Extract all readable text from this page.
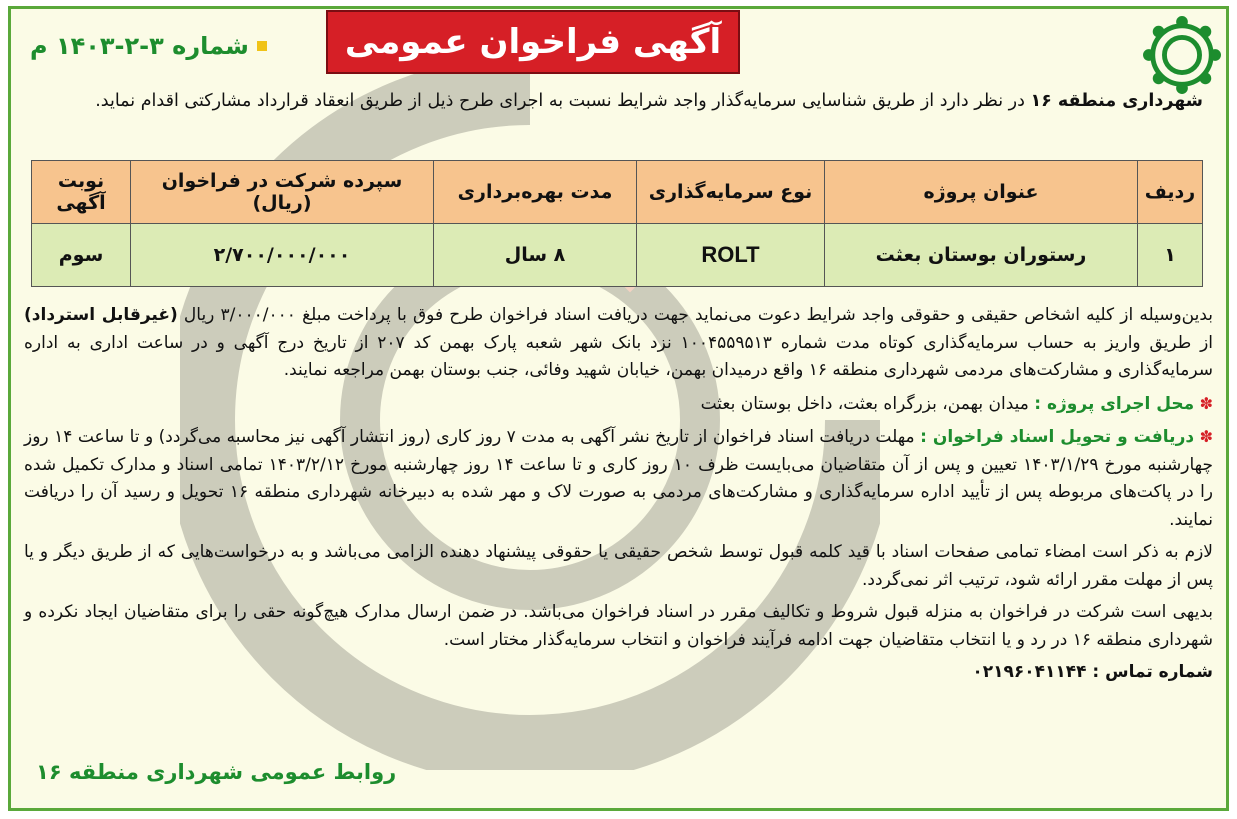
آگهی فراخوان عمومی
شماره ۳-۲-۱۴۰۳ م
شهرداری منطقه ۱۶ در نظر دارد از طریق شناسایی سرمایه‌گذار واجد شرایط نسبت به اجرای طرح ذیل از طریق انعقاد قرارداد مشارکتی اقدام نماید.
ردیف	عنوان پروژه	نوع سرمایه‌گذاری	مدت بهره‌برداری	سپرده شرکت در فراخوان (ریال)	نوبت آگهی
۱	رستوران بوستان بعثت	ROLT	۸ سال	۲/۷۰۰/۰۰۰/۰۰۰	سوم

بدین‌وسیله از کلیه اشخاص حقیقی و حقوقی واجد شرایط دعوت می‌نماید جهت دریافت اسناد فراخوان طرح فوق با پرداخت مبلغ ۳/۰۰۰/۰۰۰ ریال (غیرقابل استرداد) از طریق واریز به حساب سرمایه‌گذاری کوتاه مدت شماره ۱۰۰۴۵۵۹۵۱۳ نزد بانک شهر شعبه پارک بهمن کد ۲۰۷ از تاریخ درج آگهی و در ساعت اداری به اداره سرمایه‌گذاری و مشارکت‌های مردمی شهرداری منطقه ۱۶ واقع درمیدان بهمن، خیابان شهید وفائی، جنب بوستان بهمن مراجعه نمایند.

✽ محل اجرای پروژه : میدان بهمن، بزرگراه بعثت، داخل بوستان بعثت

✽ دریافت و تحویل اسناد فراخوان : مهلت دریافت اسناد فراخوان از تاریخ نشر آگهی به مدت ۷ روز کاری (روز انتشار آگهی نیز محاسبه می‌گردد) و تا ساعت ۱۴ روز چهارشنبه مورخ ۱۴۰۳/۱/۲۹ تعیین و پس از آن متقاضیان می‌بایست ظرف ۱۰ روز کاری و تا ساعت ۱۴ روز چهارشنبه مورخ ۱۴۰۳/۲/۱۲ تمامی اسناد و مدارک تکمیل شده را در پاکت‌های مربوطه پس از تأیید اداره سرمایه‌گذاری و مشارکت‌های مردمی به صورت لاک و مهر شده به دبیرخانه شهرداری منطقه ۱۶ تحویل و رسید آن را دریافت نمایند.

لازم به ذکر است امضاء تمامی صفحات اسناد با قید کلمه قبول توسط شخص حقیقی یا حقوقی پیشنهاد دهنده الزامی می‌باشد و به درخواست‌هایی که از طریق دیگر و یا پس از مهلت مقرر ارائه شود، ترتیب اثر نمی‌گردد.

بدیهی است شرکت در فراخوان به منزله قبول شروط و تکالیف مقرر در اسناد فراخوان می‌باشد. در ضمن ارسال مدارک هیچ‌گونه حقی را برای متقاضیان ایجاد نکرده و شهرداری منطقه ۱۶ در رد و یا انتخاب متقاضیان جهت ادامه فرآیند فراخوان و انتخاب سرمایه‌گذار مختار است.

شماره تماس : ۰۲۱۹۶۰۴۱۱۴۴

روابط عمومی شهرداری منطقه ۱۶
